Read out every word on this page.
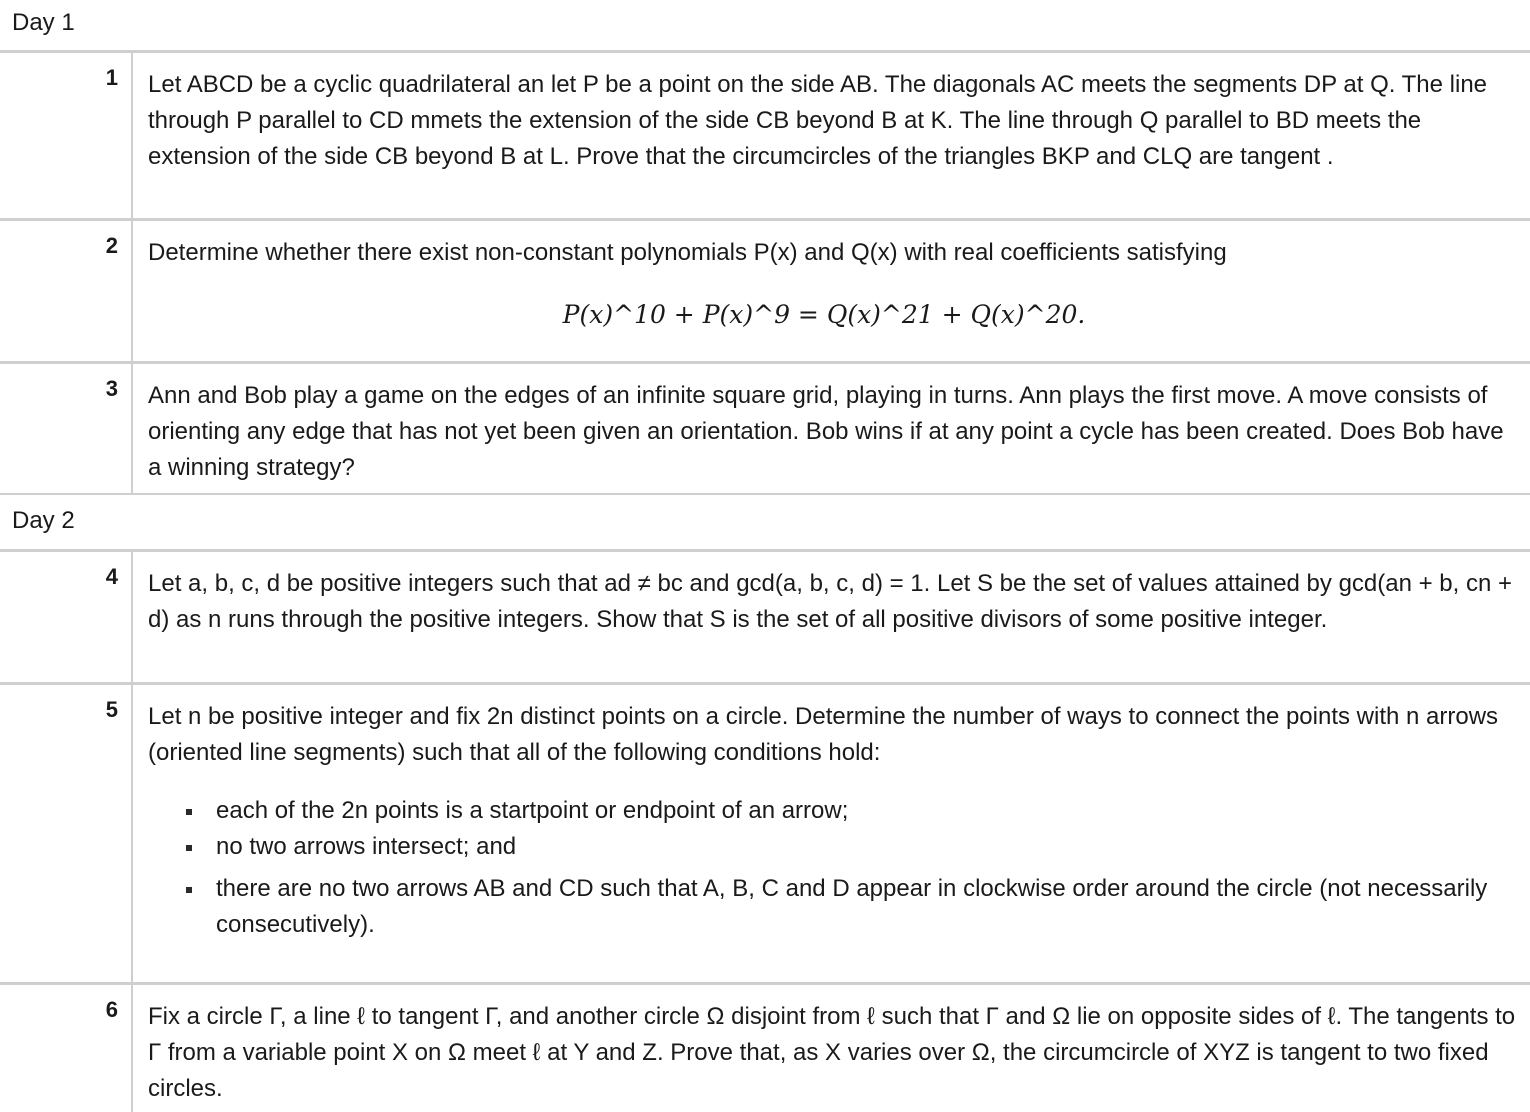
Day 1
1 Let ABCD be a cyclic quadrilateral an let P be a point on the side AB. The diagonals AC meets the segments DP at Q. The line through P parallel to CD mmets the extension of the side CB beyond B at K. The line through Q parallel to BD meets the extension of the side CB beyond B at L. Prove that the circumcircles of the triangles BKP and CLQ are tangent .
2 Determine whether there exist non-constant polynomials P(x) and Q(x) with real coefficients satisfying
P(x)^10 + P(x)^9 = Q(x)^21 + Q(x)^20.
3 Ann and Bob play a game on the edges of an infinite square grid, playing in turns. Ann plays the first move. A move consists of orienting any edge that has not yet been given an orientation. Bob wins if at any point a cycle has been created. Does Bob have a winning strategy?
Day 2
4 Let a, b, c, d be positive integers such that ad ≠ bc and gcd(a, b, c, d) = 1. Let S be the set of values attained by gcd(an + b, cn + d) as n runs through the positive integers. Show that S is the set of all positive divisors of some positive integer.
5 Let n be positive integer and fix 2n distinct points on a circle. Determine the number of ways to connect the points with n arrows (oriented line segments) such that all of the following conditions hold:
each of the 2n points is a startpoint or endpoint of an arrow;
no two arrows intersect; and
there are no two arrows AB and CD such that A, B, C and D appear in clockwise order around the circle (not necessarily consecutively).
6 Fix a circle Γ, a line ℓ to tangent Γ, and another circle Ω disjoint from ℓ such that Γ and Ω lie on opposite sides of ℓ. The tangents to Γ from a variable point X on Ω meet ℓ at Y and Z. Prove that, as X varies over Ω, the circumcircle of XYZ is tangent to two fixed circles.
